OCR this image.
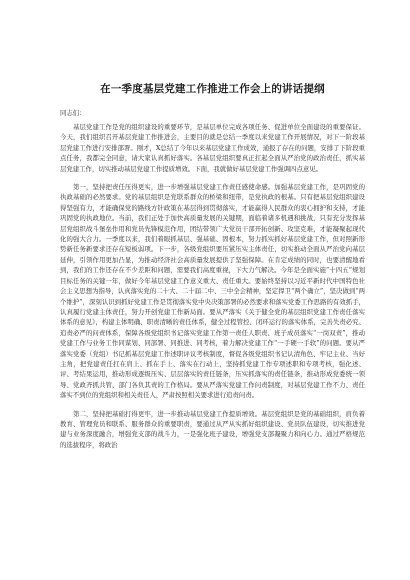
在一季度基层党建工作推进工作会上的讲话提纲

同志们：

基层党建工作是党的组织建设的重要环节，是基层单位完成各项任务、促进单位全面建设的重要保证。今天，我们组织召开基层党建工作推进会，主要目的就是总结一季度以来党建工作开展情况，对下一阶段基层党建工作进行安排部署。刚才，X总结了今年以来基层党建工作成效，通报了存在的问题，安排了下阶段重点任务，我都完全同意，请大家认真抓好落实。各基层党组织要真正扛起全面从严治党的政治责任，抓实基层党建工作，切实推动基层党建工作提质增效。下面，我就做好基层党建工作强调四点意见。

第一，坚持把责任压得更实，进一步增强基层党建工作责任感使命感。加强基层党建工作，是巩固党的执政基础的必然要求。党的基层组织是党联系群众的桥梁和纽带，是党执政的根基。只有把基层党组织建设得坚强有力，才能确保党的路线方针政策在基层得到贯彻落实，才能赢得人民群众的衷心拥护和支持，才能巩固党的执政地位。当前，我们正处于加快高质量发展的关键期，面临着诸多机遇和挑战，只有充分发挥基层党组织战斗堡垒作用和党员先锋模范作用，团结带领广大党员干部开拓创新、攻坚克难，才能凝聚起现代化的强大合力。一季度以来，我们着眼抓基层、强基础、固根本，努力抓实抓好基层党建工作，但对照新形势新任务新要求还存在短板弱项。下一步，各级党组织要压紧压实主体责任，切实推动全面从严治党向基层延伸，引领作用更加凸显，为推动经济社会高质量发展提供了坚强保障。在肯定成绩的同时，也要清醒地看到，我们的工作还存在不少差距和问题，需要我们高度重视，下大力气解决。今年是全面实施“十四五”规划目标任务的关键一年，做好今年基层党建工作意义重大、责任重大。要始终坚持以习近平新时代中国特色社会主义思想为指导，认真落实党的二十大、二十届二中、三中全会精神，坚定捍卫“两个确立”，坚决做到“两个维护”，深刻认识到抓好党建工作是贯彻落实党中央决策部署的必然要求和落实党委工作思路的有效抓手，认真履行党建主体责任，努力开创党建工作新局面。要从严落实《关于健全党的基层组织党建工作责任落实体系的意见》，构建主体明确、职责清晰的责任体系，健全过程管控、闭环运行的落实体系，完善失责必究、追责必严的问责体系，保障各级党组织书记落实党建工作第一责任人职责、班子成员落实“一岗双责”，推动党建工作与业务工作同谋划、同部署、同推进、同考核，着力解决党建工作“一手硬一手软”的问题。要从严落实党委（党组）书记抓基层党建工作述职评议考核制度，督促各级党组织书记认清角色、牢记主业、当好主角，把党建责任扛在肩上、抓在手上、落实在行动上，坚持抓党建工作专项述职和专项考核，强化述、评、考结果运用，推动形成逐级压实、层层落实的责任链条，压实抓落实的责任链条，推动形成党委统一领导、党政齐抓共管、部门各负其责的工作格局。要从严落实党建工作问责制度，对基层党建工作不力、责任落实不到位的党组织和相关责任人，严肃按照相关要求进行追责问责。

第二，坚持把基础打得更牢，进一步推动基层党建工作提质增效。基层党组织是党的基础组织，肩负着教育、管理党员和联系、服务群众的重要职责，要通过从严从实抓好组织建设、党员队伍建设，切实推进党建与业务深度融合，增强党支部的战斗力，一是强化班子建设，增强党支部凝聚力和向心力。通过严格规范的选拔程序，将政治
